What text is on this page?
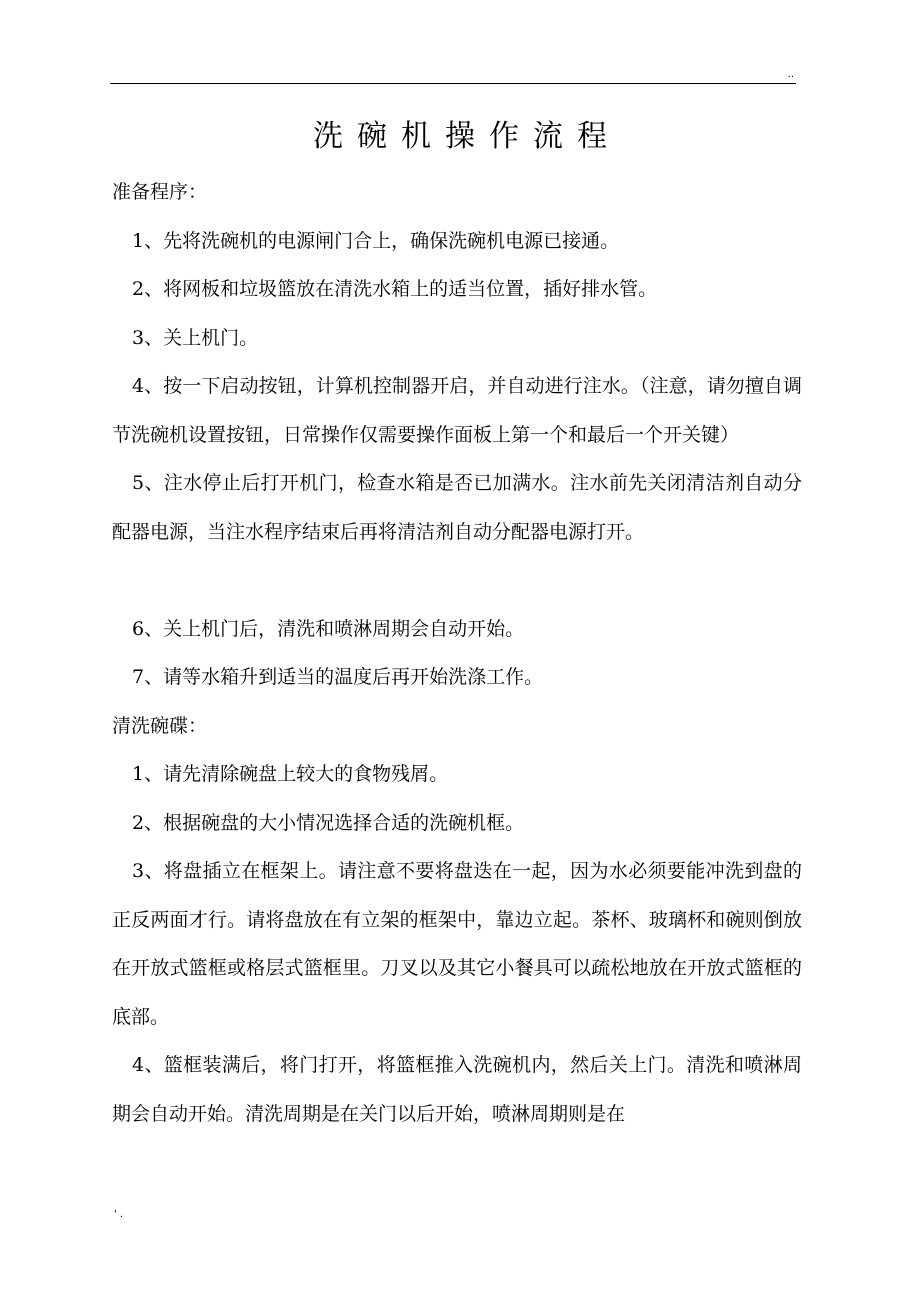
..
洗碗机操作流程

准备程序：

1、先将洗碗机的电源闸门合上，确保洗碗机电源已接通。

2、将网板和垃圾篮放在清洗水箱上的适当位置，插好排水管。

3、关上机门。

4、按一下启动按钮，计算机控制器开启，并自动进行注水。（注意，请勿擅自调节洗碗机设置按钮，日常操作仅需要操作面板上第一个和最后一个开关键）

5、注水停止后打开机门，检查水箱是否已加满水。注水前先关闭清洁剂自动分配器电源，当注水程序结束后再将清洁剂自动分配器电源打开。

6、关上机门后，清洗和喷淋周期会自动开始。

7、请等水箱升到适当的温度后再开始洗涤工作。

清洗碗碟：

1、请先清除碗盘上较大的食物残屑。

2、根据碗盘的大小情况选择合适的洗碗机框。

3、将盘插立在框架上。请注意不要将盘迭在一起，因为水必须要能冲洗到盘的正反两面才行。请将盘放在有立架的框架中，靠边立起。茶杯、玻璃杯和碗则倒放在开放式篮框或格层式篮框里。刀叉以及其它小餐具可以疏松地放在开放式篮框的底部。

4、篮框装满后，将门打开，将篮框推入洗碗机内，然后关上门。清洗和喷淋周期会自动开始。清洗周期是在关门以后开始，喷淋周期则是在

' .
